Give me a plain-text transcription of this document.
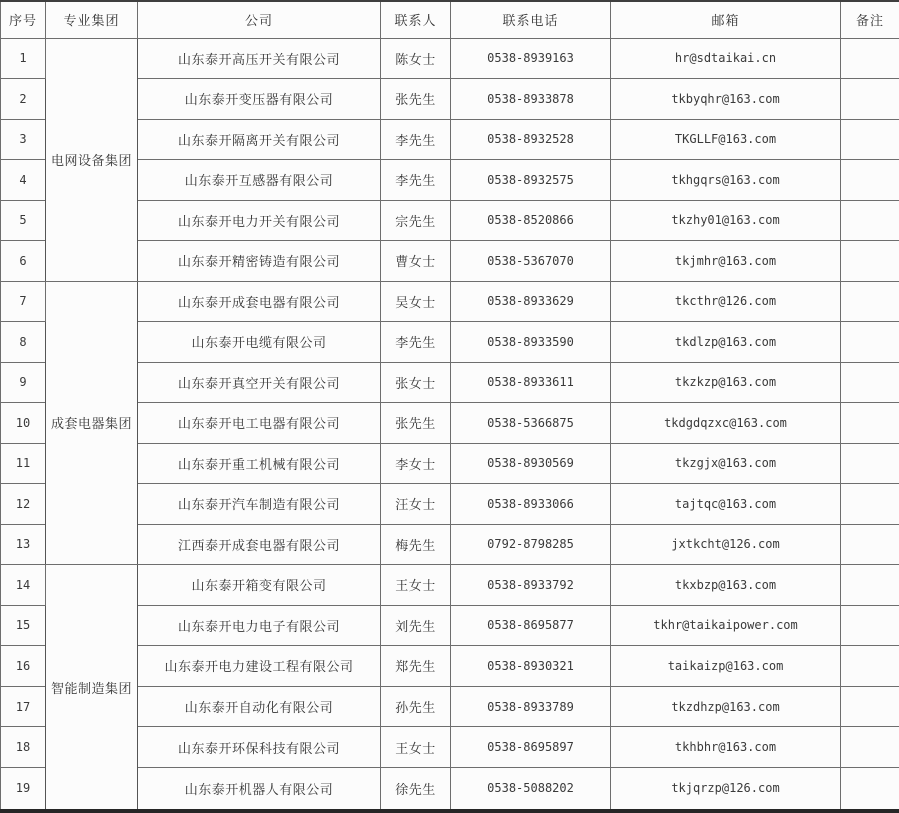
序号	专业集团	公司	联系人	联系电话	邮箱	备注
1	电网设备集团	山东泰开高压开关有限公司	陈女士	0538-8939163	hr@sdtaikai.cn	
2		山东泰开变压器有限公司	张先生	0538-8933878	tkbyqhr@163.com	
3		山东泰开隔离开关有限公司	李先生	0538-8932528	TKGLLF@163.com	
4		山东泰开互感器有限公司	李先生	0538-8932575	tkhgqrs@163.com	
5		山东泰开电力开关有限公司	宗先生	0538-8520866	tkzhy01@163.com	
6		山东泰开精密铸造有限公司	曹女士	0538-5367070	tkjmhr@163.com	
7	成套电器集团	山东泰开成套电器有限公司	吴女士	0538-8933629	tkcthr@126.com	
8		山东泰开电缆有限公司	李先生	0538-8933590	tkdlzp@163.com	
9		山东泰开真空开关有限公司	张女士	0538-8933611	tkzkzp@163.com	
10		山东泰开电工电器有限公司	张先生	0538-5366875	tkdgdqzxc@163.com	
11		山东泰开重工机械有限公司	李女士	0538-8930569	tkzgjx@163.com	
12		山东泰开汽车制造有限公司	汪女士	0538-8933066	tajtqc@163.com	
13		江西泰开成套电器有限公司	梅先生	0792-8798285	jxtkcht@126.com	
14	智能制造集团	山东泰开箱变有限公司	王女士	0538-8933792	tkxbzp@163.com	
15		山东泰开电力电子有限公司	刘先生	0538-8695877	tkhr@taikaipower.com	
16		山东泰开电力建设工程有限公司	郑先生	0538-8930321	taikaizp@163.com	
17		山东泰开自动化有限公司	孙先生	0538-8933789	tkzdhzp@163.com	
18		山东泰开环保科技有限公司	王女士	0538-8695897	tkhbhr@163.com	
19		山东泰开机器人有限公司	徐先生	0538-5088202	tkjqrzp@126.com	
